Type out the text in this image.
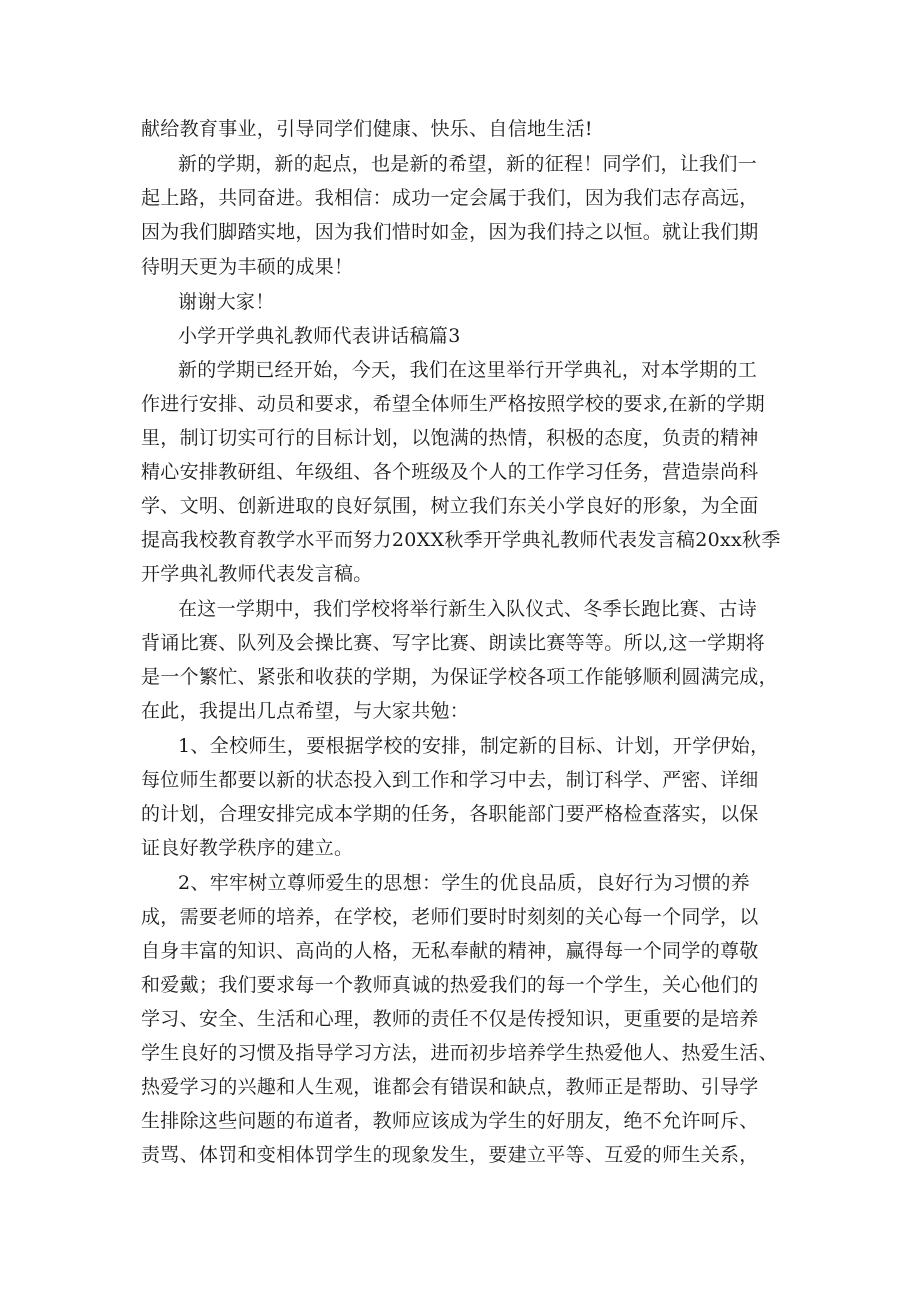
献给教育事业，引导同学们健康、快乐、自信地生活!
新的学期，新的起点，也是新的希望，新的征程！同学们，让我们一
起上路，共同奋进。我相信：成功一定会属于我们，因为我们志存高远，
因为我们脚踏实地，因为我们惜时如金，因为我们持之以恒。就让我们期
待明天更为丰硕的成果！
谢谢大家！
小学开学典礼教师代表讲话稿篇3
新的学期已经开始，今天，我们在这里举行开学典礼，对本学期的工
作进行安排、动员和要求，希望全体师生严格按照学校的要求,在新的学期
里，制订切实可行的目标计划，以饱满的热情，积极的态度，负责的精神
精心安排教研组、年级组、各个班级及个人的工作学习任务，营造崇尚科
学、文明、创新进取的良好氛围，树立我们东关小学良好的形象，为全面
提高我校教育教学水平而努力20XX秋季开学典礼教师代表发言稿20xx秋季
开学典礼教师代表发言稿。
在这一学期中，我们学校将举行新生入队仪式、冬季长跑比赛、古诗
背诵比赛、队列及会操比赛、写字比赛、朗读比赛等等。所以,这一学期将
是一个繁忙、紧张和收获的学期，为保证学校各项工作能够顺利圆满完成，
在此，我提出几点希望，与大家共勉：
1、全校师生，要根据学校的安排，制定新的目标、计划，开学伊始，
每位师生都要以新的状态投入到工作和学习中去，制订科学、严密、详细
的计划，合理安排完成本学期的任务，各职能部门要严格检查落实，以保
证良好教学秩序的建立。
2、牢牢树立尊师爱生的思想：学生的优良品质，良好行为习惯的养
成，需要老师的培养，在学校，老师们要时时刻刻的关心每一个同学，以
自身丰富的知识、高尚的人格，无私奉献的精神，赢得每一个同学的尊敬
和爱戴；我们要求每一个教师真诚的热爱我们的每一个学生，关心他们的
学习、安全、生活和心理，教师的责任不仅是传授知识，更重要的是培养
学生良好的习惯及指导学习方法，进而初步培养学生热爱他人、热爱生活、
热爱学习的兴趣和人生观，谁都会有错误和缺点，教师正是帮助、引导学
生排除这些问题的布道者，教师应该成为学生的好朋友，绝不允许呵斥、
责骂、体罚和变相体罚学生的现象发生，要建立平等、互爱的师生关系，
